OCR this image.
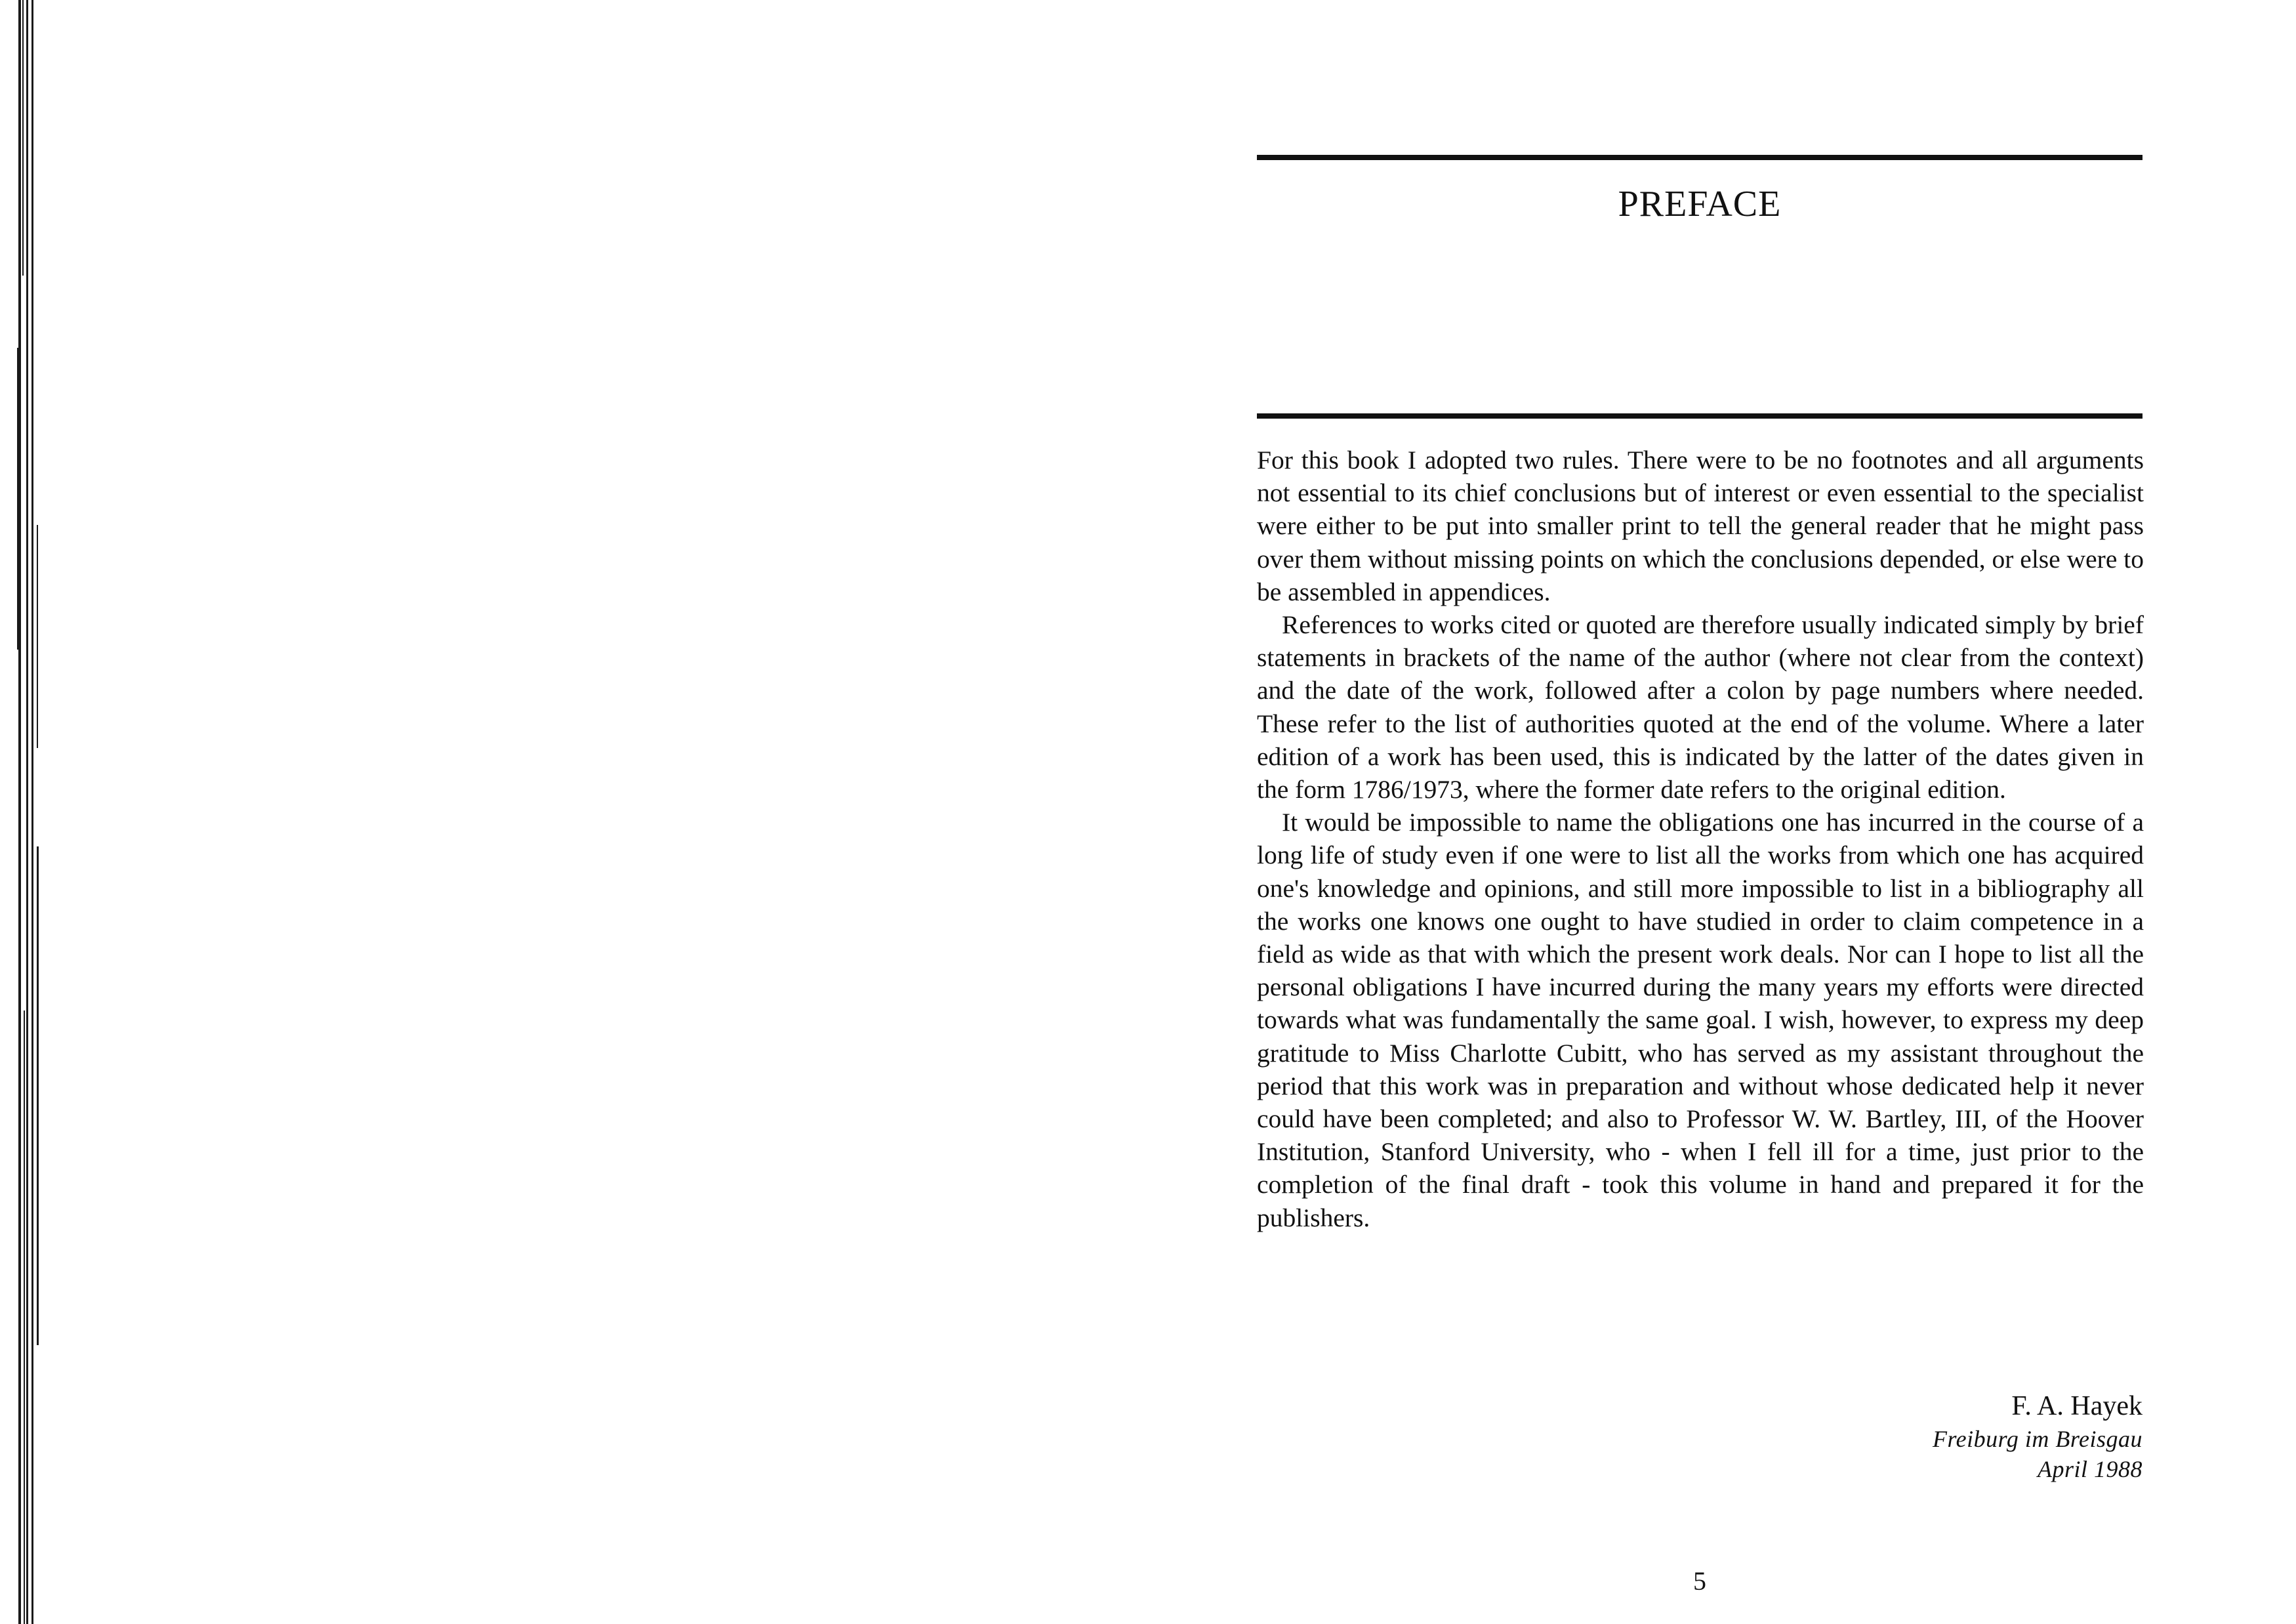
PREFACE

For this book I adopted two rules. There were to be no footnotes and all arguments not essential to its chief conclusions but of interest or even essential to the specialist were either to be put into smaller print to tell the general reader that he might pass over them without missing points on which the conclusions depended, or else were to be assembled in appendices.

References to works cited or quoted are therefore usually indicated simply by brief statements in brackets of the name of the author (where not clear from the context) and the date of the work, followed after a colon by page numbers where needed. These refer to the list of authorities quoted at the end of the volume. Where a later edition of a work has been used, this is indicated by the latter of the dates given in the form 1786/1973, where the former date refers to the original edition.

It would be impossible to name the obligations one has incurred in the course of a long life of study even if one were to list all the works from which one has acquired one's knowledge and opinions, and still more impossible to list in a bibliography all the works one knows one ought to have studied in order to claim competence in a field as wide as that with which the present work deals. Nor can I hope to list all the personal obligations I have incurred during the many years my efforts were directed towards what was fundamentally the same goal. I wish, however, to express my deep gratitude to Miss Charlotte Cubitt, who has served as my assistant throughout the period that this work was in preparation and without whose dedicated help it never could have been completed; and also to Professor W. W. Bartley, III, of the Hoover Institution, Stanford University, who - when I fell ill for a time, just prior to the completion of the final draft - took this volume in hand and prepared it for the publishers.

F. A. Hayek
Freiburg im Breisgau
April 1988
5
